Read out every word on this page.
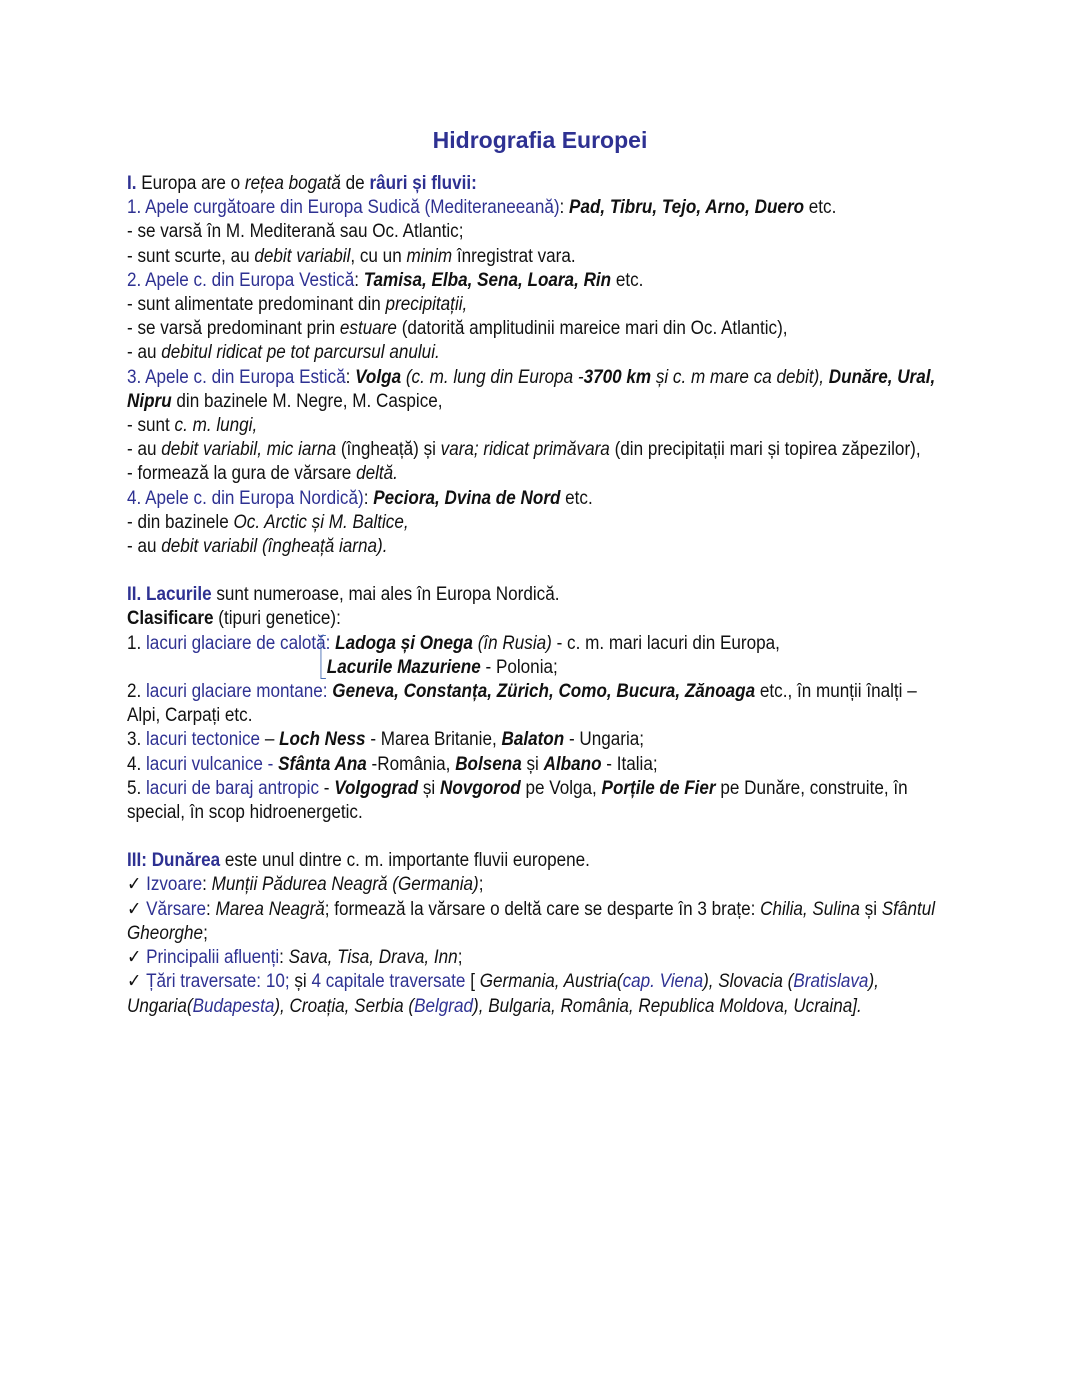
Hidrografia Europei
I. Europa are o rețea bogată de râuri și fluvii:
1. Apele curgătoare din Europa Sudică (Mediteraneeană): Pad, Tibru, Tejo, Arno, Duero etc.
- se varsă în M. Mediterană sau Oc. Atlantic;
- sunt scurte, au debit variabil, cu un minim înregistrat vara.
2. Apele c. din Europa Vestică: Tamisa, Elba, Sena, Loara, Rin etc.
- sunt alimentate predominant din precipitații,
- se varsă predominant prin estuare (datorită amplitudinii mareice mari din Oc. Atlantic),
- au debitul ridicat pe tot parcursul anului.
3. Apele c. din Europa Estică: Volga (c. m. lung din Europa -3700 km și c. m mare ca debit), Dunăre, Ural,
Nipru din bazinele M. Negre, M. Caspice,
- sunt c. m. lungi,
- au debit variabil, mic iarna (îngheață) și vara; ridicat primăvara (din precipitații mari și topirea zăpezilor),
- formează la gura de vărsare deltă.
4. Apele c. din Europa Nordică): Peciora, Dvina de Nord etc.
- din bazinele Oc. Arctic și M. Baltice,
- au debit variabil (îngheață iarna).
II. Lacurile sunt numeroase, mai ales în Europa Nordică.
Clasificare (tipuri genetice):
1. lacuri glaciare de calotă: Ladoga și Onega (în Rusia) - c. m. mari lacuri din Europa,
Lacurile Mazuriene - Polonia;
2. lacuri glaciare montane: Geneva, Constanța, Zürich, Como, Bucura, Zănoaga etc., în munții înalți –
Alpi, Carpați etc.
3. lacuri tectonice – Loch Ness - Marea Britanie, Balaton - Ungaria;
4. lacuri vulcanice - Sfânta Ana -România, Bolsena și Albano - Italia;
5. lacuri de baraj antropic - Volgograd și Novgorod pe Volga, Porțile de Fier pe Dunăre, construite, în
special, în scop hidroenergetic.
III: Dunărea este unul dintre c. m. importante fluvii europene.
✓ Izvoare: Munții Pădurea Neagră (Germania);
✓ Vărsare: Marea Neagră; formează la vărsare o deltă care se desparte în 3 brațe: Chilia, Sulina și Sfântul
Gheorghe;
✓ Principalii afluenți: Sava, Tisa, Drava, Inn;
✓ Țări traversate: 10; și 4 capitale traversate [ Germania, Austria(cap. Viena), Slovacia (Bratislava),
Ungaria(Budapesta), Croația, Serbia (Belgrad), Bulgaria, România, Republica Moldova, Ucraina].
